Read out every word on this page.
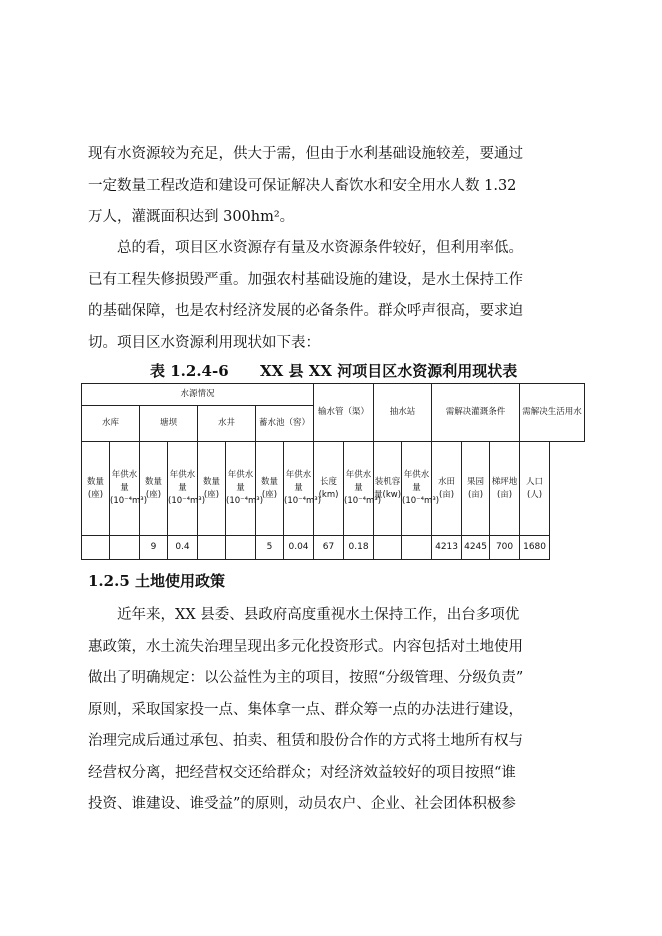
现有水资源较为充足，供大于需，但由于水利基础设施较差，要通过
一定数量工程改造和建设可保证解决人畜饮水和安全用水人数 1.32
万人，灌溉面积达到 300hm²。
总的看，项目区水资源存有量及水资源条件较好，但利用率低。
已有工程失修损毁严重。加强农村基础设施的建设，是水土保持工作
的基础保障，也是农村经济发展的必备条件。群众呼声很高，要求迫
切。项目区水资源利用现状如下表：
表 1.2.4-6 XX 县 XX 河项目区水资源利用现状表
水源情况								输水管（渠）		抽水站		需解决灌溉条件			需解决生活用水
水库		塘坝		水井		蓄水池（窖）									
数量(座)	年供水量(10⁻⁴m³)	数量(座)	年供水量(10⁻⁴m³)	数量(座)	年供水量(10⁻⁴m³)	数量(座)	年供水量(10⁻⁴m³)	长度(km)	年供水量(10⁻⁴m³)	装机容量(kw)	年供水量(10⁻⁴m³)	水田(亩)	果园(亩)	梯坪地(亩)	人口(人)
		9	0.4			5	0.04	67	0.18			4213	4245	700	1680
1.2.5 土地使用政策
近年来，XX 县委、县政府高度重视水土保持工作，出台多项优
惠政策，水土流失治理呈现出多元化投资形式。内容包括对土地使用
做出了明确规定：以公益性为主的项目，按照“分级管理、分级负责”
原则，采取国家投一点、集体拿一点、群众筹一点的办法进行建设，
治理完成后通过承包、拍卖、租赁和股份合作的方式将土地所有权与
经营权分离，把经营权交还给群众；对经济效益较好的项目按照“谁
投资、谁建设、谁受益”的原则，动员农户、企业、社会团体积极参
